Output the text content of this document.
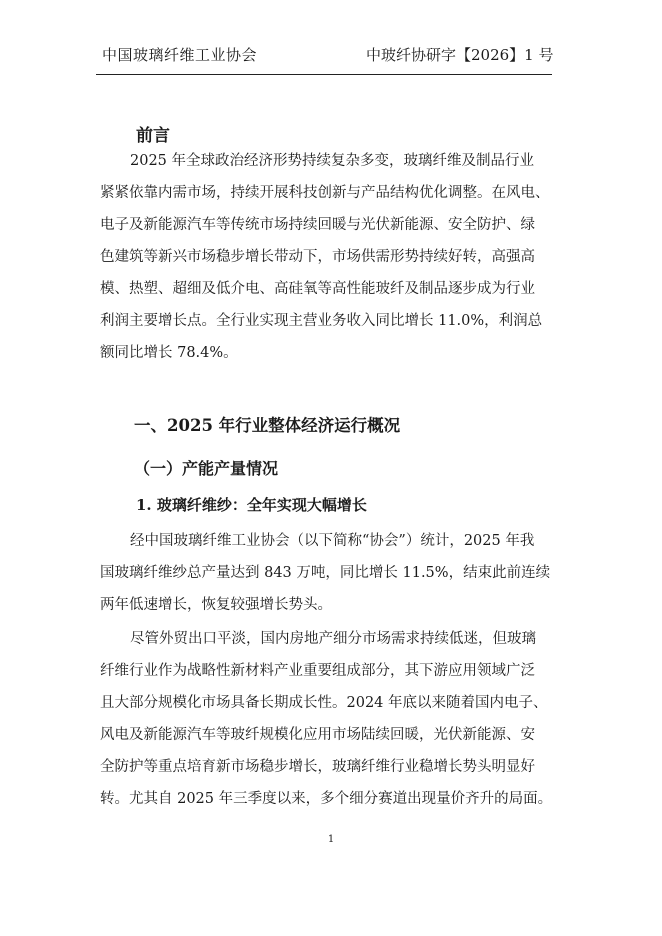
中国玻璃纤维工业协会	中玻纤协研字【2026】1 号
前言
2025 年全球政治经济形势持续复杂多变，玻璃纤维及制品行业
紧紧依靠内需市场，持续开展科技创新与产品结构优化调整。在风电、
电子及新能源汽车等传统市场持续回暖与光伏新能源、安全防护、绿
色建筑等新兴市场稳步增长带动下，市场供需形势持续好转，高强高
模、热塑、超细及低介电、高硅氧等高性能玻纤及制品逐步成为行业
利润主要增长点。全行业实现主营业务收入同比增长 11.0%，利润总
额同比增长 78.4%。
一、2025 年行业整体经济运行概况
（一）产能产量情况
1. 玻璃纤维纱：全年实现大幅增长
经中国玻璃纤维工业协会（以下简称“协会”）统计，2025 年我
国玻璃纤维纱总产量达到 843 万吨，同比增长 11.5%，结束此前连续
两年低速增长，恢复较强增长势头。
尽管外贸出口平淡，国内房地产细分市场需求持续低迷，但玻璃
纤维行业作为战略性新材料产业重要组成部分，其下游应用领域广泛
且大部分规模化市场具备长期成长性。2024 年底以来随着国内电子、
风电及新能源汽车等玻纤规模化应用市场陆续回暖，光伏新能源、安
全防护等重点培育新市场稳步增长，玻璃纤维行业稳增长势头明显好
转。尤其自 2025 年三季度以来，多个细分赛道出现量价齐升的局面。
1
